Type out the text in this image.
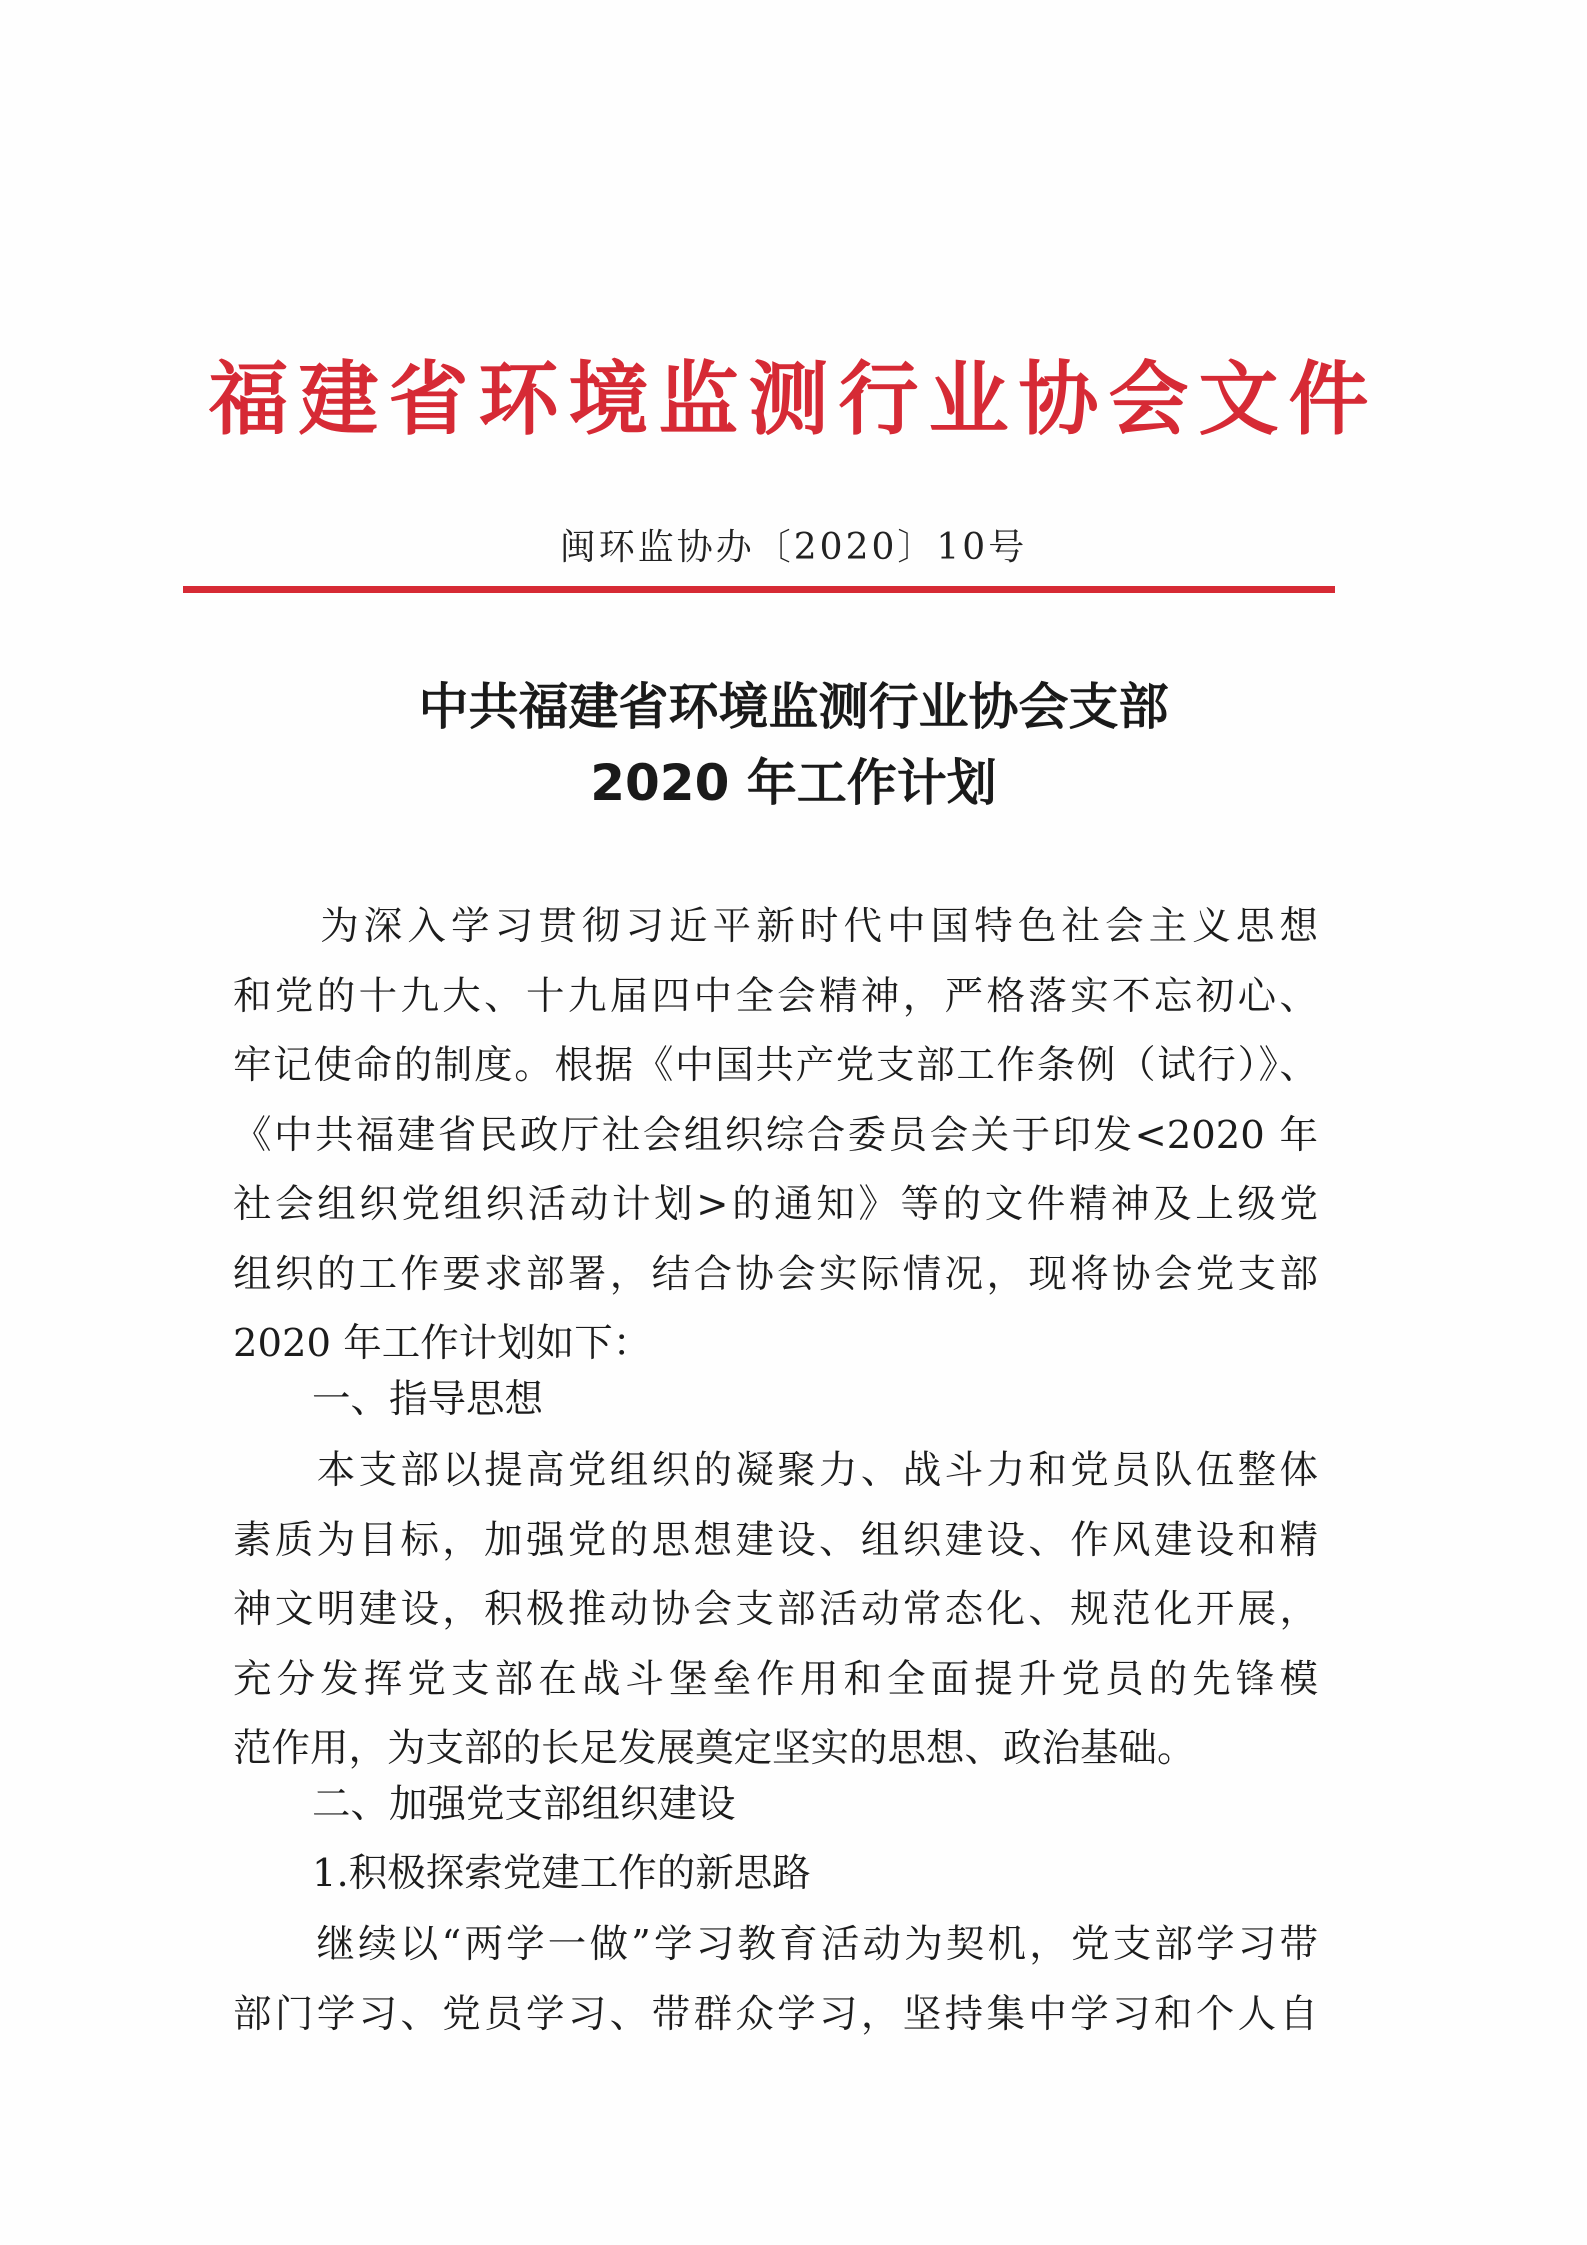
福建省环境监测行业协会文件
闽环监协办〔2020〕10号
中共福建省环境监测行业协会支部
2020 年工作计划
　　为深入学习贯彻习近平新时代中国特色社会主义思想
和党的十九大、十九届四中全会精神，严格落实不忘初心、
牢记使命的制度。根据《中国共产党支部工作条例（试行）》、
《中共福建省民政厅社会组织综合委员会关于印发<2020 年
社会组织党组织活动计划>的通知》等的文件精神及上级党
组织的工作要求部署，结合协会实际情况，现将协会党支部
2020 年工作计划如下：
一、指导思想
　　本支部以提高党组织的凝聚力、战斗力和党员队伍整体
素质为目标，加强党的思想建设、组织建设、作风建设和精
神文明建设，积极推动协会支部活动常态化、规范化开展，
充分发挥党支部在战斗堡垒作用和全面提升党员的先锋模
范作用，为支部的长足发展奠定坚实的思想、政治基础。
二、加强党支部组织建设
1.积极探索党建工作的新思路
　　继续以“两学一做”学习教育活动为契机，党支部学习带
部门学习、党员学习、带群众学习，坚持集中学习和个人自
